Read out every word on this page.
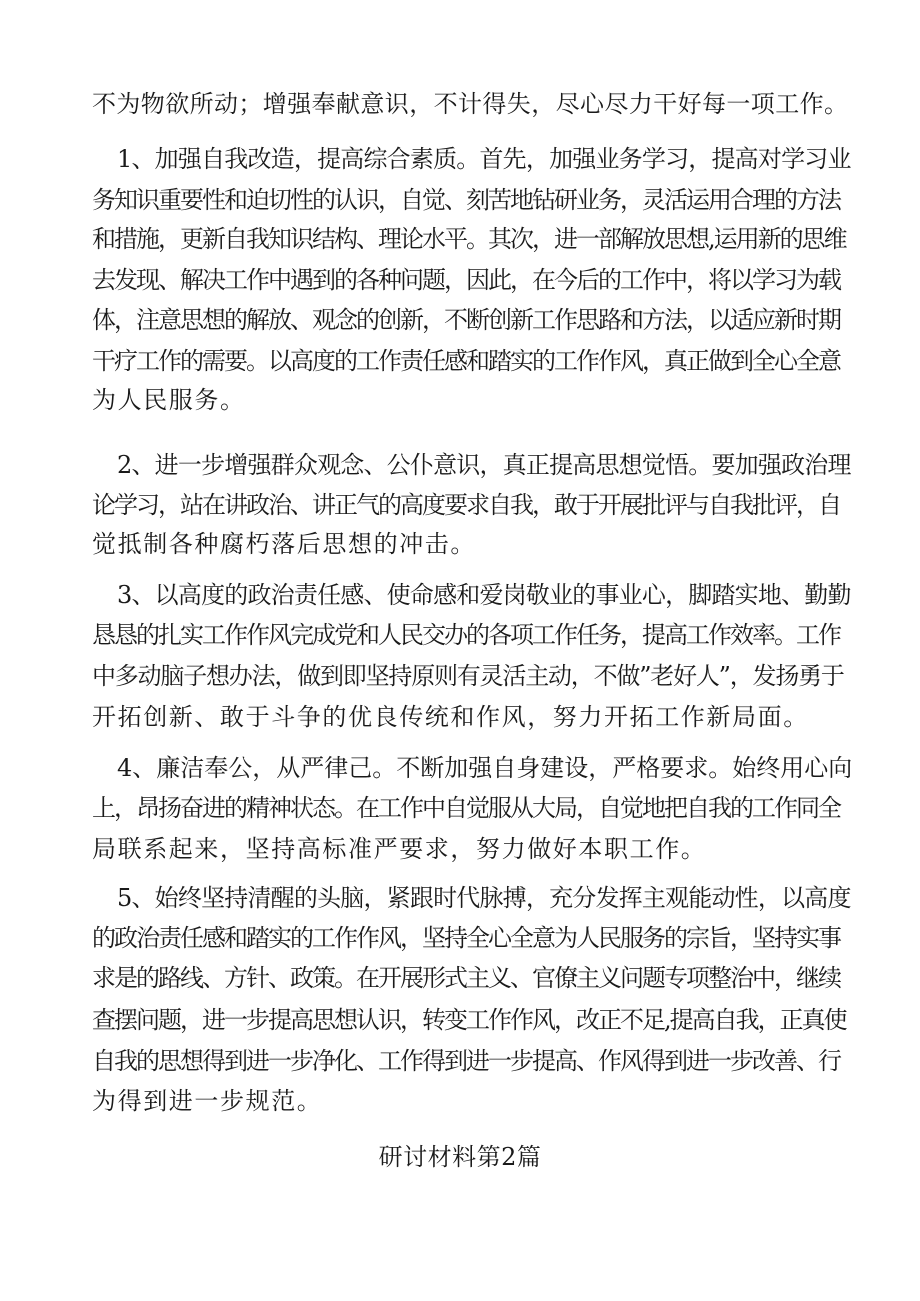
不为物欲所动；增强奉献意识，不计得失，尽心尽力干好每一项工作。
1、加强自我改造，提高综合素质。首先，加强业务学习，提高对学习业
务知识重要性和迫切性的认识，自觉、刻苦地钻研业务，灵活运用合理的方法
和措施，更新自我知识结构、理论水平。其次，进一部解放思想,运用新的思维
去发现、解决工作中遇到的各种问题，因此，在今后的工作中，将以学习为载
体，注意思想的解放、观念的创新，不断创新工作思路和方法，以适应新时期
干疗工作的需要。以高度的工作责任感和踏实的工作作风，真正做到全心全意
为人民服务。
2、进一步增强群众观念、公仆意识，真正提高思想觉悟。要加强政治理
论学习，站在讲政治、讲正气的高度要求自我，敢于开展批评与自我批评，自
觉抵制各种腐朽落后思想的冲击。
3、以高度的政治责任感、使命感和爱岗敬业的事业心，脚踏实地、勤勤
恳恳的扎实工作作风完成党和人民交办的各项工作任务，提高工作效率。工作
中多动脑子想办法，做到即坚持原则有灵活主动，不做”老好人”，发扬勇于
开拓创新、敢于斗争的优良传统和作风，努力开拓工作新局面。
4、廉洁奉公，从严律己。不断加强自身建设，严格要求。始终用心向
上，昂扬奋进的精神状态。在工作中自觉服从大局，自觉地把自我的工作同全
局联系起来，坚持高标准严要求，努力做好本职工作。
5、始终坚持清醒的头脑，紧跟时代脉搏，充分发挥主观能动性，以高度
的政治责任感和踏实的工作作风，坚持全心全意为人民服务的宗旨，坚持实事
求是的路线、方针、政策。在开展形式主义、官僚主义问题专项整治中，继续
查摆问题，进一步提高思想认识，转变工作作风，改正不足,提高自我，正真使
自我的思想得到进一步净化、工作得到进一步提高、作风得到进一步改善、行
为得到进一步规范。
研讨材料第2篇
